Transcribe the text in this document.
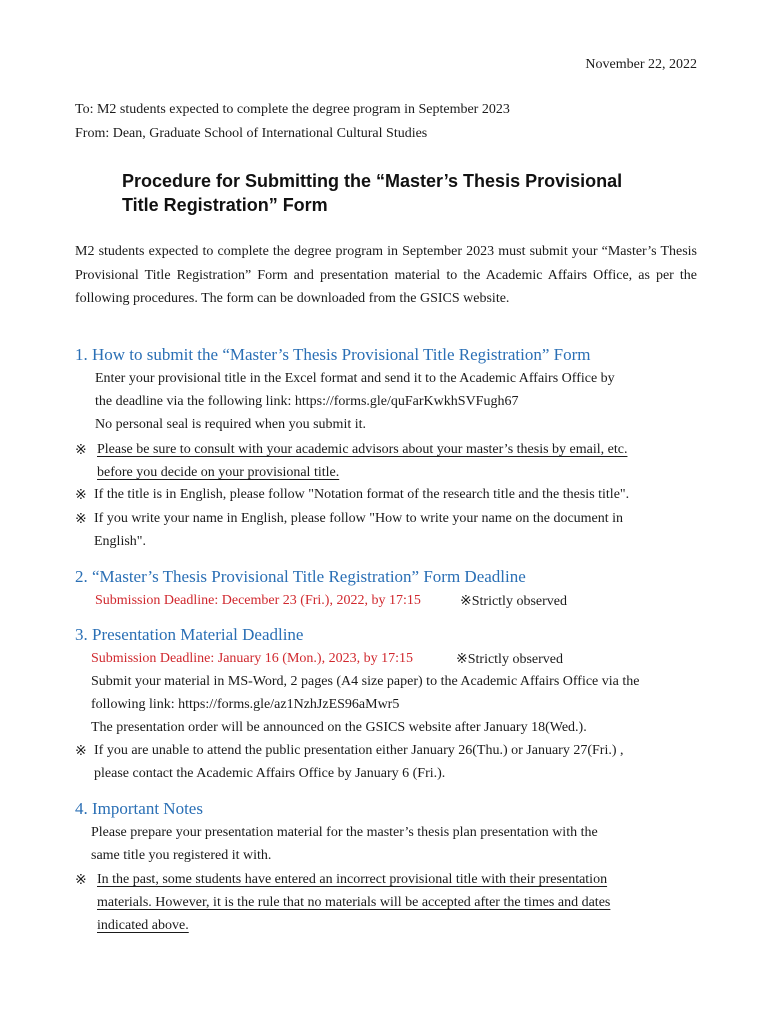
November 22, 2022
To: M2 students expected to complete the degree program in September 2023
From: Dean, Graduate School of International Cultural Studies
Procedure for Submitting the “Master’s Thesis Provisional
Title Registration” Form
M2 students expected to complete the degree program in September 2023 must submit your “Master’s Thesis Provisional Title Registration” Form and presentation material to the Academic Affairs Office, as per the following procedures. The form can be downloaded from the GSICS website.
1. How to submit the “Master’s Thesis Provisional Title Registration” Form
Enter your provisional title in the Excel format and send it to the Academic Affairs Office by
the deadline via the following link: https://forms.gle/quFarKwkhSVFugh67
No personal seal is required when you submit it.
※ Please be sure to consult with your academic advisors about your master’s thesis by email, etc.
before you decide on your provisional title.
※ If the title is in English, please follow "Notation format of the research title and the thesis title".
※ If you write your name in English, please follow "How to write your name on the document in
English".
2. “Master’s Thesis Provisional Title Registration” Form Deadline
Submission Deadline: December 23 (Fri.), 2022, by 17:15	※Strictly observed
3. Presentation Material Deadline
Submission Deadline: January 16 (Mon.), 2023, by 17:15	※Strictly observed
Submit your material in MS-Word, 2 pages (A4 size paper) to the Academic Affairs Office via the
following link: https://forms.gle/az1NzhJzES96aMwr5
The presentation order will be announced on the GSICS website after January 18(Wed.).
※ If you are unable to attend the public presentation either January 26(Thu.) or January 27(Fri.) ,
please contact the Academic Affairs Office by January 6 (Fri.).
4. Important Notes
Please prepare your presentation material for the master’s thesis plan presentation with the
same title you registered it with.
※ In the past, some students have entered an incorrect provisional title with their presentation
materials. However, it is the rule that no materials will be accepted after the times and dates
indicated above.
